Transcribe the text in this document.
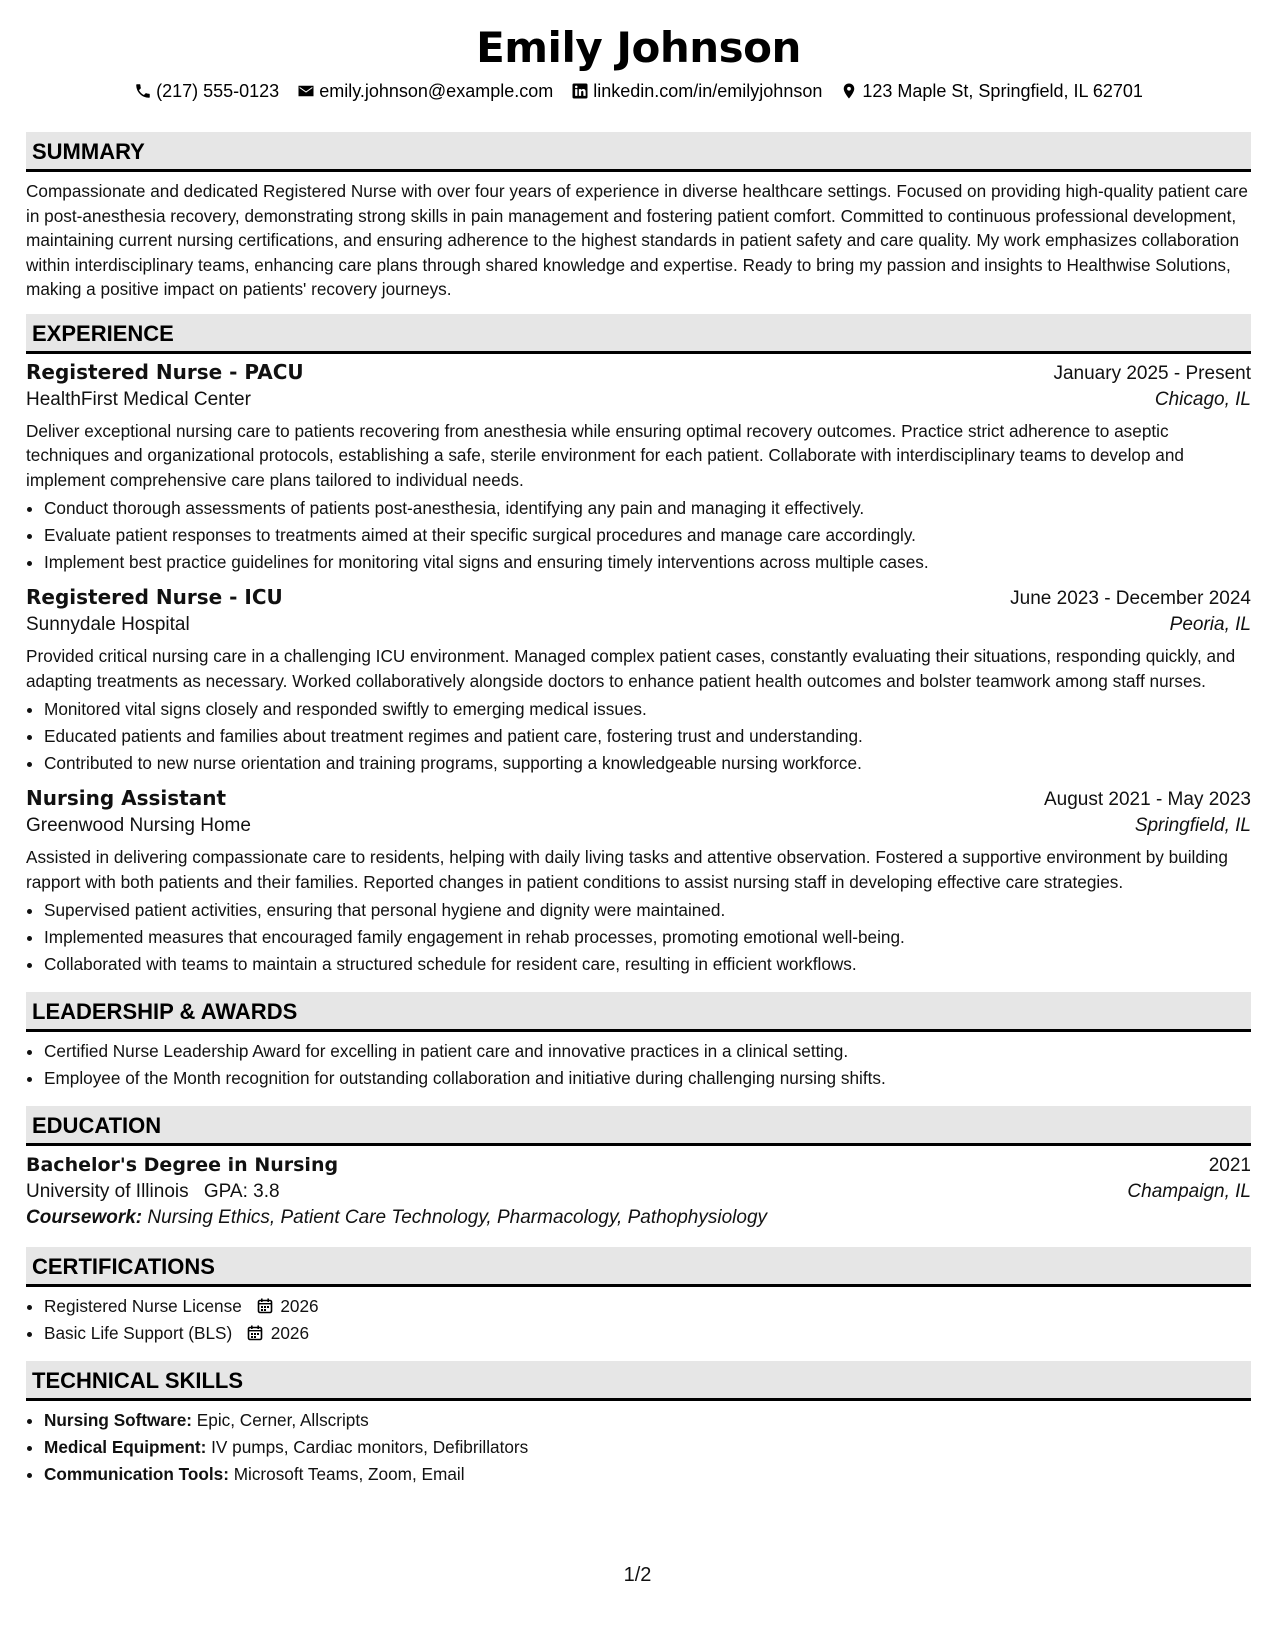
Emily Johnson
(217) 555-0123 emily.johnson@example.com linkedin.com/in/emilyjohnson 123 Maple St, Springfield, IL 62701
SUMMARY

Compassionate and dedicated Registered Nurse with over four years of experience in diverse healthcare settings. Focused on providing high-quality patient care in post-anesthesia recovery, demonstrating strong skills in pain management and fostering patient comfort. Committed to continuous professional development, maintaining current nursing certifications, and ensuring adherence to the highest standards in patient safety and care quality. My work emphasizes collaboration within interdisciplinary teams, enhancing care plans through shared knowledge and expertise. Ready to bring my passion and insights to Healthwise Solutions, making a positive impact on patients' recovery journeys.

EXPERIENCE
Registered Nurse - PACU	January 2025 - Present
HealthFirst Medical Center	Chicago, IL

Deliver exceptional nursing care to patients recovering from anesthesia while ensuring optimal recovery outcomes. Practice strict adherence to aseptic techniques and organizational protocols, establishing a safe, sterile environment for each patient. Collaborate with interdisciplinary teams to develop and implement comprehensive care plans tailored to individual needs.

• Conduct thorough assessments of patients post-anesthesia, identifying any pain and managing it effectively.
• Evaluate patient responses to treatments aimed at their specific surgical procedures and manage care accordingly.
• Implement best practice guidelines for monitoring vital signs and ensuring timely interventions across multiple cases.
Registered Nurse - ICU	June 2023 - December 2024
Sunnydale Hospital	Peoria, IL

Provided critical nursing care in a challenging ICU environment. Managed complex patient cases, constantly evaluating their situations, responding quickly, and adapting treatments as necessary. Worked collaboratively alongside doctors to enhance patient health outcomes and bolster teamwork among staff nurses.

• Monitored vital signs closely and responded swiftly to emerging medical issues.
• Educated patients and families about treatment regimes and patient care, fostering trust and understanding.
• Contributed to new nurse orientation and training programs, supporting a knowledgeable nursing workforce.
Nursing Assistant	August 2021 - May 2023
Greenwood Nursing Home	Springfield, IL

Assisted in delivering compassionate care to residents, helping with daily living tasks and attentive observation. Fostered a supportive environment by building rapport with both patients and their families. Reported changes in patient conditions to assist nursing staff in developing effective care strategies.

• Supervised patient activities, ensuring that personal hygiene and dignity were maintained.
• Implemented measures that encouraged family engagement in rehab processes, promoting emotional well-being.
• Collaborated with teams to maintain a structured schedule for resident care, resulting in efficient workflows.
LEADERSHIP & AWARDS
• Certified Nurse Leadership Award for excelling in patient care and innovative practices in a clinical setting.
• Employee of the Month recognition for outstanding collaboration and initiative during challenging nursing shifts.
EDUCATION
Bachelor's Degree in Nursing	2021
University of Illinois GPA: 3.8	Champaign, IL
Coursework: Nursing Ethics, Patient Care Technology, Pharmacology, Pathophysiology
CERTIFICATIONS
• Registered Nurse License 2026
• Basic Life Support (BLS) 2026
TECHNICAL SKILLS
• Nursing Software: Epic, Cerner, Allscripts
• Medical Equipment: IV pumps, Cardiac monitors, Defibrillators
• Communication Tools: Microsoft Teams, Zoom, Email
1/2
